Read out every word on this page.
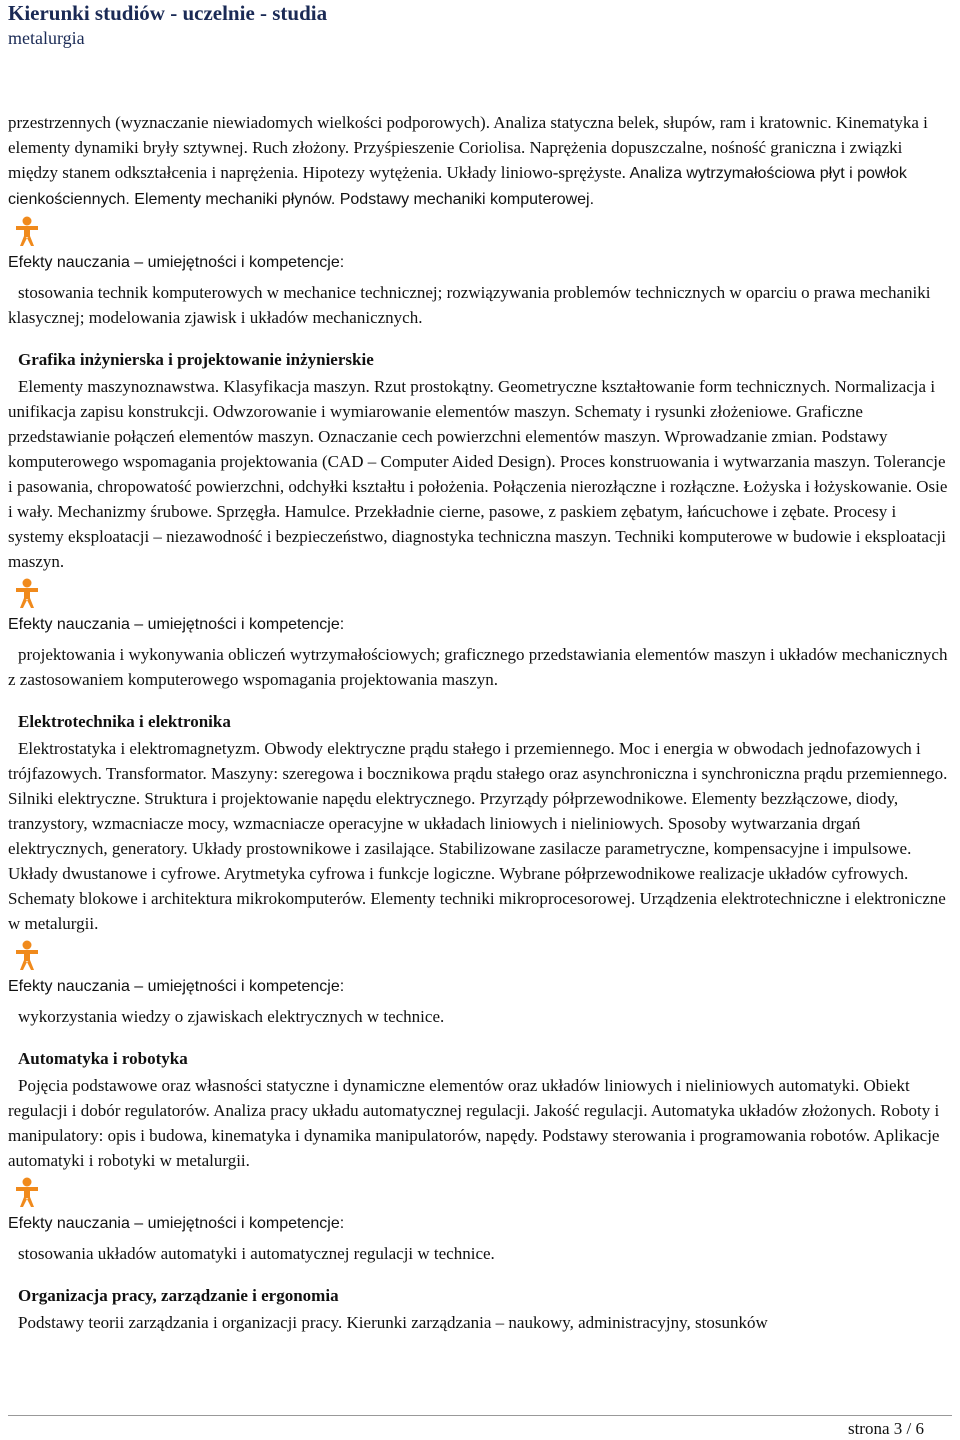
Kierunki studiów - uczelnie - studia
metalurgia

przestrzennych (wyznaczanie niewiadomych wielkości podporowych). Analiza statyczna belek, słupów, ram i kratownic. Kinematyka i elementy dynamiki bryły sztywnej. Ruch złożony. Przyśpieszenie Coriolisa. Naprężenia dopuszczalne, nośność graniczna i związki między stanem odkształcenia i naprężenia. Hipotezy wytężenia. Układy liniowo-sprężyste. Analiza wytrzymałościowa płyt i powłok cienkościennych. Elementy mechaniki płynów. Podstawy mechaniki komputerowej.

Efekty nauczania – umiejętności i kompetencje:

stosowania technik komputerowych w mechanice technicznej; rozwiązywania problemów technicznych w oparciu o prawa mechaniki klasycznej; modelowania zjawisk i układów mechanicznych.

Grafika inżynierska i projektowanie inżynierskie

Elementy maszynoznawstwa. Klasyfikacja maszyn. Rzut prostokątny. Geometryczne kształtowanie form technicznych. Normalizacja i unifikacja zapisu konstrukcji. Odwzorowanie i wymiarowanie elementów maszyn. Schematy i rysunki złożeniowe. Graficzne przedstawianie połączeń elementów maszyn. Oznaczanie cech powierzchni elementów maszyn. Wprowadzanie zmian. Podstawy komputerowego wspomagania projektowania (CAD – Computer Aided Design). Proces konstruowania i wytwarzania maszyn. Tolerancje i pasowania, chropowatość powierzchni, odchyłki kształtu i położenia. Połączenia nierozłączne i rozłączne. Łożyska i łożyskowanie. Osie i wały. Mechanizmy śrubowe. Sprzęgła. Hamulce. Przekładnie cierne, pasowe, z paskiem zębatym, łańcuchowe i zębate. Procesy i systemy eksploatacji – niezawodność i bezpieczeństwo, diagnostyka techniczna maszyn. Techniki komputerowe w budowie i eksploatacji maszyn.

Efekty nauczania – umiejętności i kompetencje:

projektowania i wykonywania obliczeń wytrzymałościowych; graficznego przedstawiania elementów maszyn i układów mechanicznych z zastosowaniem komputerowego wspomagania projektowania maszyn.

Elektrotechnika i elektronika

Elektrostatyka i elektromagnetyzm. Obwody elektryczne prądu stałego i przemiennego. Moc i energia w obwodach jednofazowych i trójfazowych. Transformator. Maszyny: szeregowa i bocznikowa prądu stałego oraz asynchroniczna i synchroniczna prądu przemiennego. Silniki elektryczne. Struktura i projektowanie napędu elektrycznego. Przyrządy półprzewodnikowe. Elementy bezzłączowe, diody, tranzystory, wzmacniacze mocy, wzmacniacze operacyjne w układach liniowych i nieliniowych. Sposoby wytwarzania drgań elektrycznych, generatory. Układy prostownikowe i zasilające. Stabilizowane zasilacze parametryczne, kompensacyjne i impulsowe. Układy dwustanowe i cyfrowe. Arytmetyka cyfrowa i funkcje logiczne. Wybrane półprzewodnikowe realizacje układów cyfrowych. Schematy blokowe i architektura mikrokomputerów. Elementy techniki mikroprocesorowej. Urządzenia elektrotechniczne i elektroniczne w metalurgii.

Efekty nauczania – umiejętności i kompetencje:

wykorzystania wiedzy o zjawiskach elektrycznych w technice.

Automatyka i robotyka

Pojęcia podstawowe oraz własności statyczne i dynamiczne elementów oraz układów liniowych i nieliniowych automatyki. Obiekt regulacji i dobór regulatorów. Analiza pracy układu automatycznej regulacji. Jakość regulacji. Automatyka układów złożonych. Roboty i manipulatory: opis i budowa, kinematyka i dynamika manipulatorów, napędy. Podstawy sterowania i programowania robotów. Aplikacje automatyki i robotyki w metalurgii.

Efekty nauczania – umiejętności i kompetencje:

stosowania układów automatyki i automatycznej regulacji w technice.

Organizacja pracy, zarządzanie i ergonomia

Podstawy teorii zarządzania i organizacji pracy. Kierunki zarządzania – naukowy, administracyjny, stosunków

strona 3 / 6
